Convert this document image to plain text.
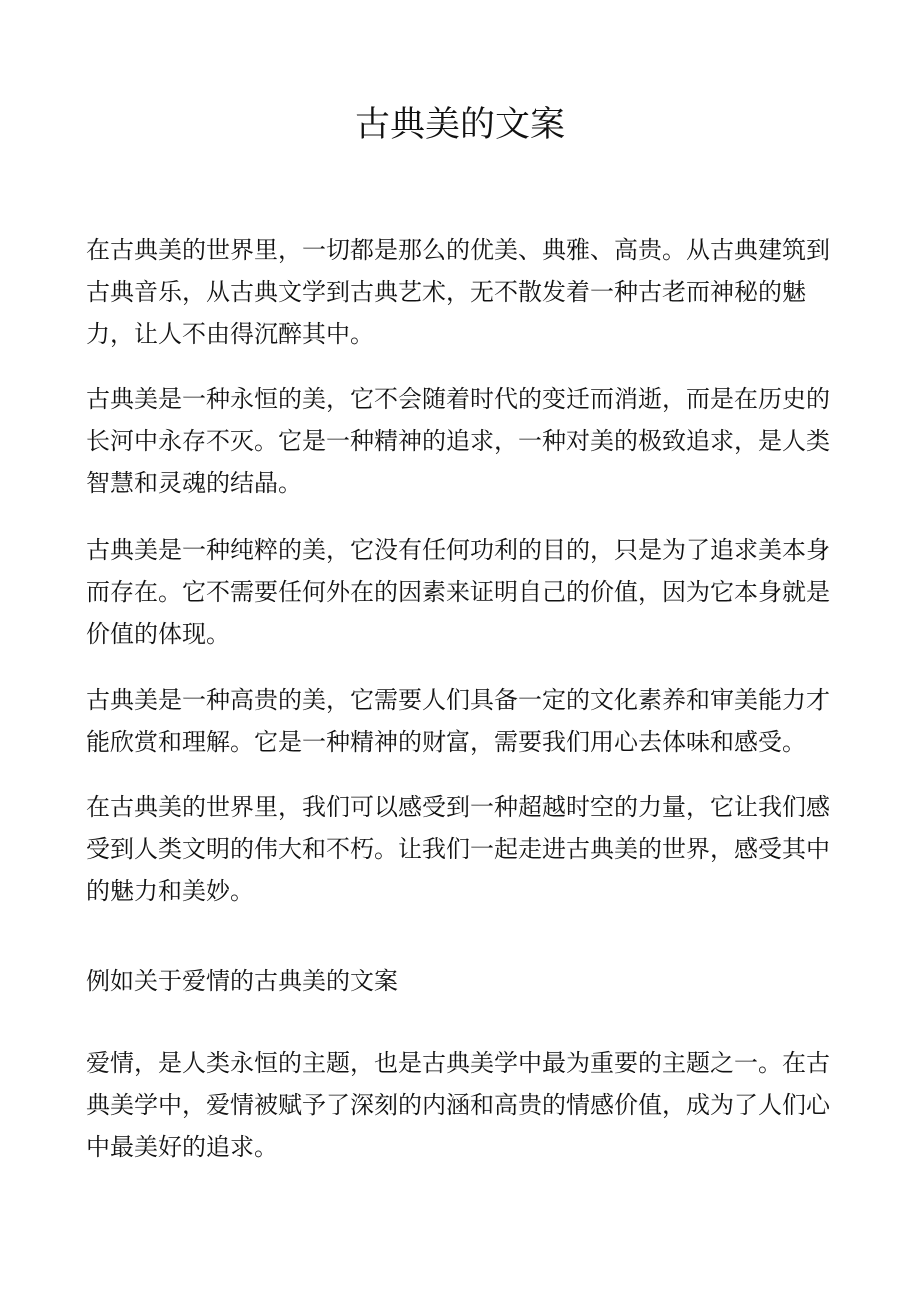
古典美的文案

在古典美的世界里，一切都是那么的优美、典雅、高贵。从古典建筑到古典音乐，从古典文学到古典艺术，无不散发着一种古老而神秘的魅力，让人不由得沉醉其中。

古典美是一种永恒的美，它不会随着时代的变迁而消逝，而是在历史的长河中永存不灭。它是一种精神的追求，一种对美的极致追求，是人类智慧和灵魂的结晶。

古典美是一种纯粹的美，它没有任何功利的目的，只是为了追求美本身而存在。它不需要任何外在的因素来证明自己的价值，因为它本身就是价值的体现。

古典美是一种高贵的美，它需要人们具备一定的文化素养和审美能力才能欣赏和理解。它是一种精神的财富，需要我们用心去体味和感受。

在古典美的世界里，我们可以感受到一种超越时空的力量，它让我们感受到人类文明的伟大和不朽。让我们一起走进古典美的世界，感受其中的魅力和美妙。

例如关于爱情的古典美的文案

爱情，是人类永恒的主题，也是古典美学中最为重要的主题之一。在古典美学中，爱情被赋予了深刻的内涵和高贵的情感价值，成为了人们心中最美好的追求。
